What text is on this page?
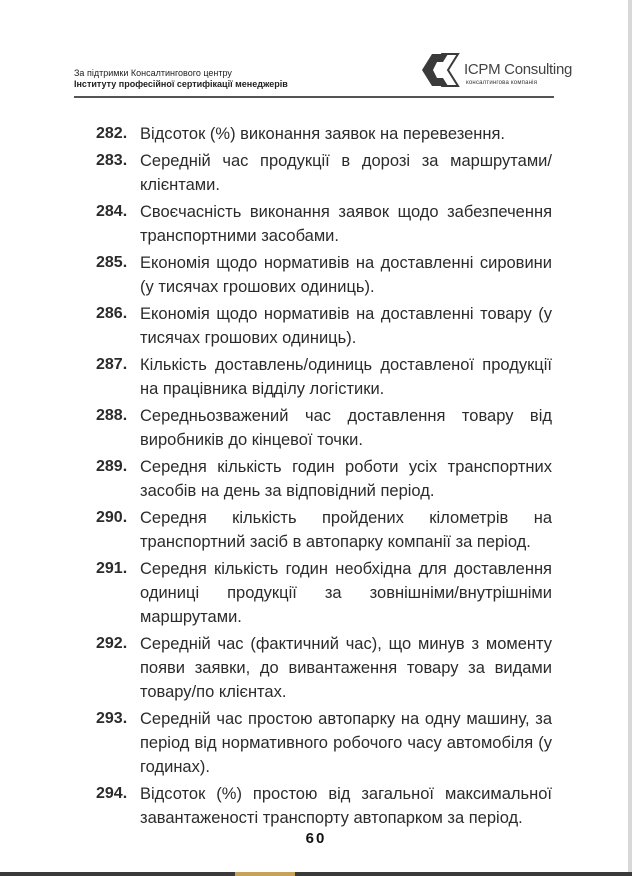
За підтримки Консалтингового центру
Інституту професійної сертифікації менеджерів
ICPM Consulting
консалтингова компанія
282. Відсоток (%) виконання заявок на перевезення.
283. Середній час продукції в дорозі за маршрутами/клієнтами.
284. Своєчасність виконання заявок щодо забезпечення транспортними засобами.
285. Економія щодо нормативів на доставленні сировини (у тисячах грошових одиниць).
286. Економія щодо нормативів на доставленні товару (у тисячах грошових одиниць).
287. Кількість доставлень/одиниць доставленої продукції на працівника відділу логістики.
288. Середньозважений час доставлення товару від виробників до кінцевої точки.
289. Середня кількість годин роботи усіх транспортних засобів на день за відповідний період.
290. Середня кількість пройдених кілометрів на транспортний засіб в автопарку компанії за період.
291. Середня кількість годин необхідна для доставлення одиниці продукції за зовнішніми/внутрішніми маршрутами.
292. Середній час (фактичний час), що минув з моменту появи заявки, до вивантаження товару за видами товару/по клієнтах.
293. Середній час простою автопарку на одну машину, за період від нормативного робочого часу автомобіля (у годинах).
294. Відсоток (%) простою від загальної максимальної завантаженості транспорту автопарком за період.
60
